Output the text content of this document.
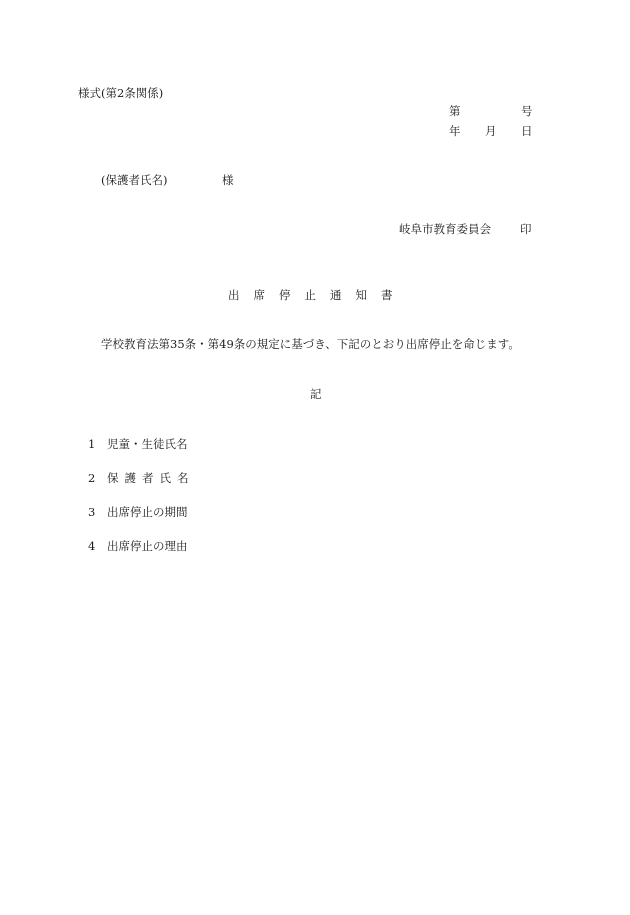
様式(第2条関係)
第	号
年 月 日
(保護者氏名)	様
岐阜市教育委員会	印
出席停止通知書
学校教育法第35条・第49条の規定に基づき、下記のとおり出席停止を命じます。
記
1 児童・生徒氏名
2 保護者氏名
3 出席停止の期間
4 出席停止の理由
